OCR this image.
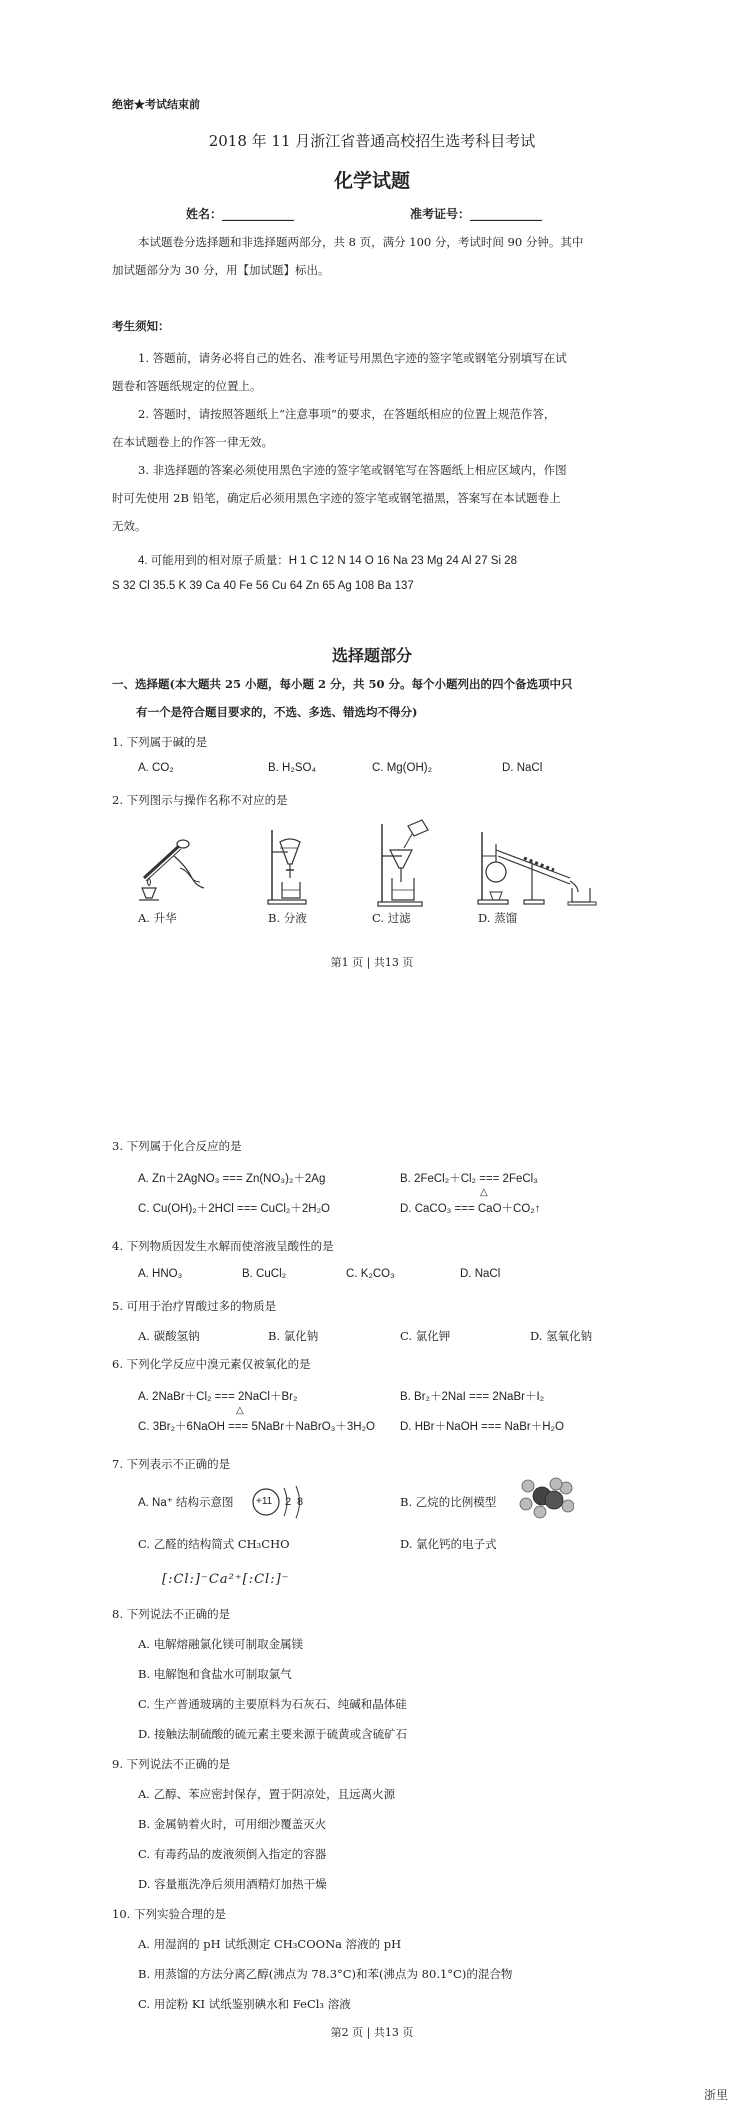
绝密★考试结束前
2018 年 11 月浙江省普通高校招生选考科目考试
化学试题
姓名：____________	准考证号：____________
本试题卷分选择题和非选择题两部分，共 8 页，满分 100 分，考试时间 90 分钟。其中
加试题部分为 30 分，用【加试题】标出。
考生须知：
1. 答题前，请务必将自己的姓名、准考证号用黑色字迹的签字笔或钢笔分别填写在试
题卷和答题纸规定的位置上。
2. 答题时，请按照答题纸上“注意事项”的要求，在答题纸相应的位置上规范作答，
在本试题卷上的作答一律无效。
3. 非选择题的答案必须使用黑色字迹的签字笔或钢笔写在答题纸上相应区域内，作图
时可先使用 2B 铅笔，确定后必须用黑色字迹的签字笔或钢笔描黑，答案写在本试题卷上
无效。
4. 可能用到的相对原子质量：H 1 C 12 N 14 O 16 Na 23 Mg 24 Al 27 Si 28
S 32 Cl 35.5 K 39 Ca 40 Fe 56 Cu 64 Zn 65 Ag 108 Ba 137
选择题部分
一、选择题(本大题共 25 小题，每小题 2 分，共 50 分。每个小题列出的四个备选项中只
有一个是符合题目要求的，不选、多选、错选均不得分)
1. 下列属于碱的是
A. CO₂	B. H₂SO₄	C. Mg(OH)₂	D. NaCl
2. 下列图示与操作名称不对应的是
A. 升华	B. 分液	C. 过滤	D. 蒸馏
第1 页 | 共13 页
3. 下列属于化合反应的是
A. Zn＋2AgNO₃ === Zn(NO₃)₂＋2Ag	B. 2FeCl₂＋Cl₂ === 2FeCl₃
C. Cu(OH)₂＋2HCl === CuCl₂＋2H₂O	D. CaCO₃ === CaO＋CO₂↑
△
4. 下列物质因发生水解而使溶液呈酸性的是
A. HNO₃	B. CuCl₂	C. K₂CO₃	D. NaCl
5. 可用于治疗胃酸过多的物质是
A. 碳酸氢钠	B. 氯化钠	C. 氯化钾	D. 氢氧化钠
6. 下列化学反应中溴元素仅被氧化的是
A. 2NaBr＋Cl₂ === 2NaCl＋Br₂	B. Br₂＋2NaI === 2NaBr＋I₂
C. 3Br₂＋6NaOH === 5NaBr＋NaBrO₃＋3H₂O D. HBr＋NaOH === NaBr＋H₂O
△
7. 下列表示不正确的是
A. Na⁺ 结构示意图 +11 2 8	B. 乙烷的比例模型
C. 乙醛的结构简式 CH₃CHO	D. 氯化钙的电子式
[:Cl:]⁻Ca²⁺[:Cl:]⁻
8. 下列说法不正确的是
A. 电解熔融氯化镁可制取金属镁
B. 电解饱和食盐水可制取氯气
C. 生产普通玻璃的主要原料为石灰石、纯碱和晶体硅
D. 接触法制硫酸的硫元素主要来源于硫黄或含硫矿石
9. 下列说法不正确的是
A. 乙醇、苯应密封保存，置于阴凉处，且远离火源
B. 金属钠着火时，可用细沙覆盖灭火
C. 有毒药品的废液须倒入指定的容器
D. 容量瓶洗净后须用酒精灯加热干燥
10. 下列实验合理的是
A. 用湿润的 pH 试纸测定 CH₃COONa 溶液的 pH
B. 用蒸馏的方法分离乙醇(沸点为 78.3°C)和苯(沸点为 80.1°C)的混合物
C. 用淀粉 KI 试纸鉴别碘水和 FeCl₃ 溶液
第2 页 | 共13 页
浙里
